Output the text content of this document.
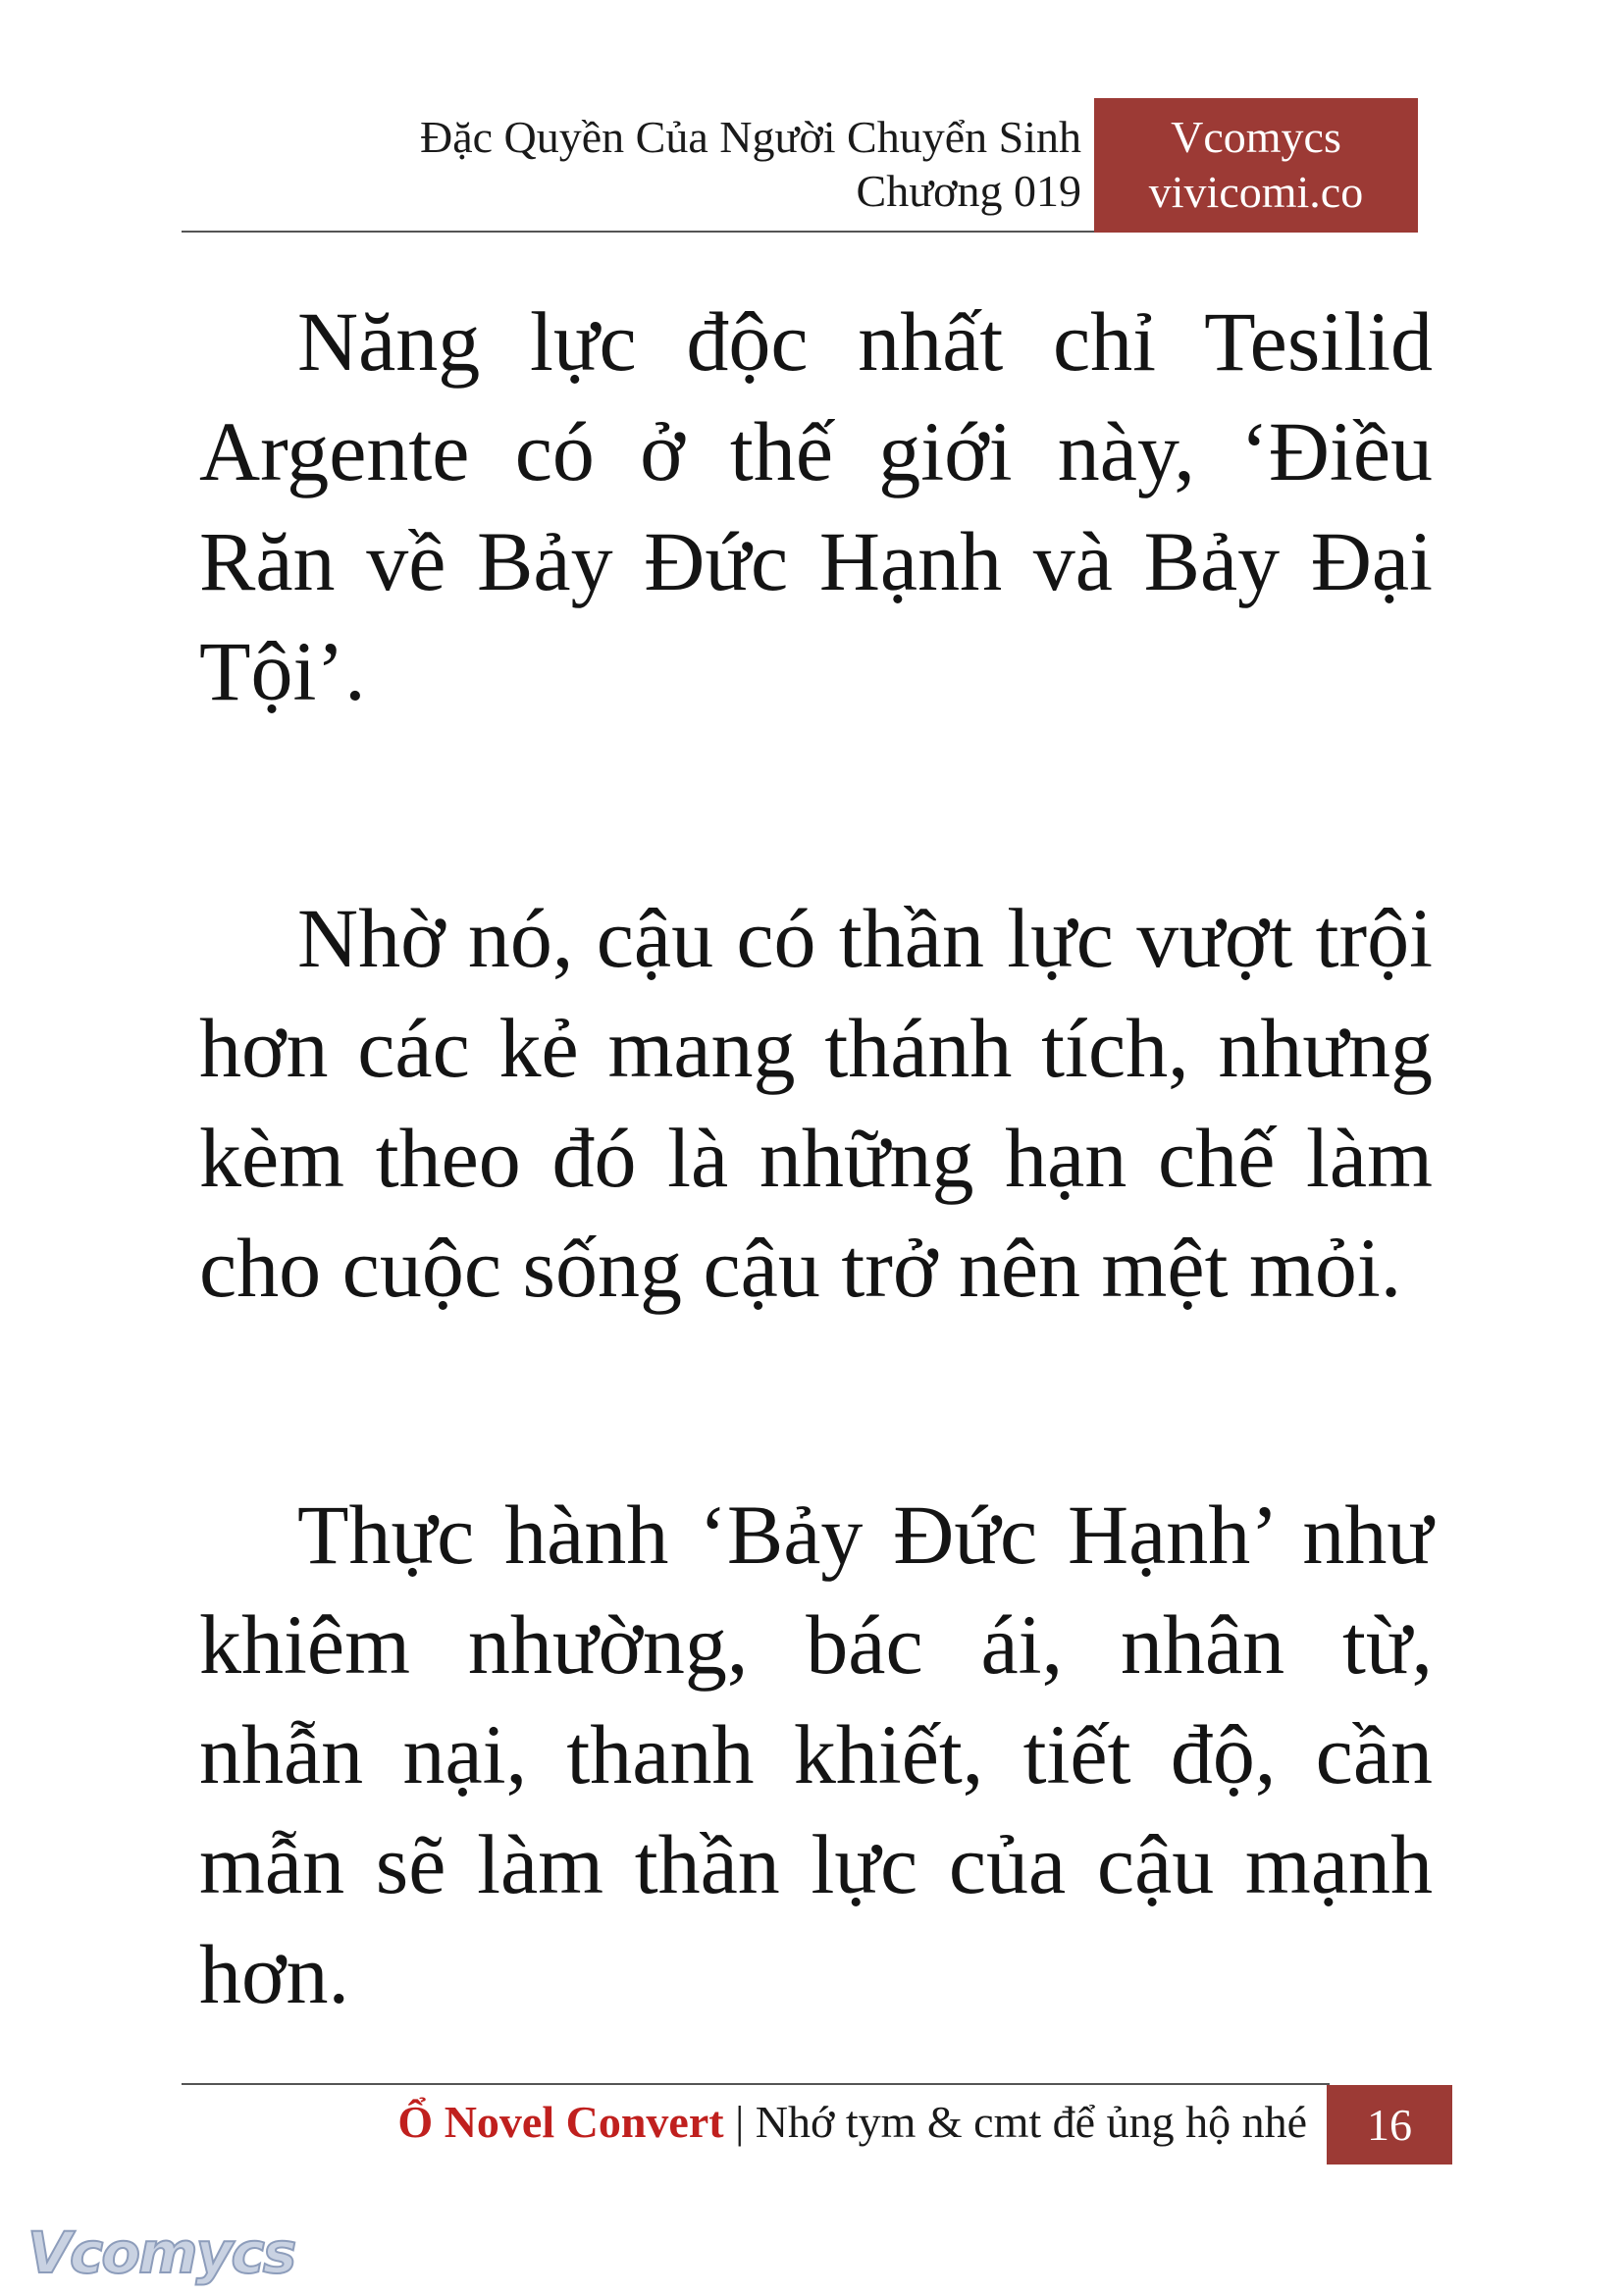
Đặc Quyền Của Người Chuyển Sinh
Chương 019
Vcomycs
vivicomi.co

Năng lực độc nhất chỉ Tesilid Argente có ở thế giới này, ‘Điều Răn về Bảy Đức Hạnh và Bảy Đại Tội’.

Nhờ nó, cậu có thần lực vượt trội hơn các kẻ mang thánh tích, nhưng kèm theo đó là những hạn chế làm cho cuộc sống cậu trở nên mệt mỏi.

Thực hành ‘Bảy Đức Hạnh’ như khiêm nhường, bác ái, nhân từ, nhẫn nại, thanh khiết, tiết độ, cần mẫn sẽ làm thần lực của cậu mạnh hơn.

Ổ Novel Convert | Nhớ tym & cmt để ủng hộ nhé	16
Vcomycs
